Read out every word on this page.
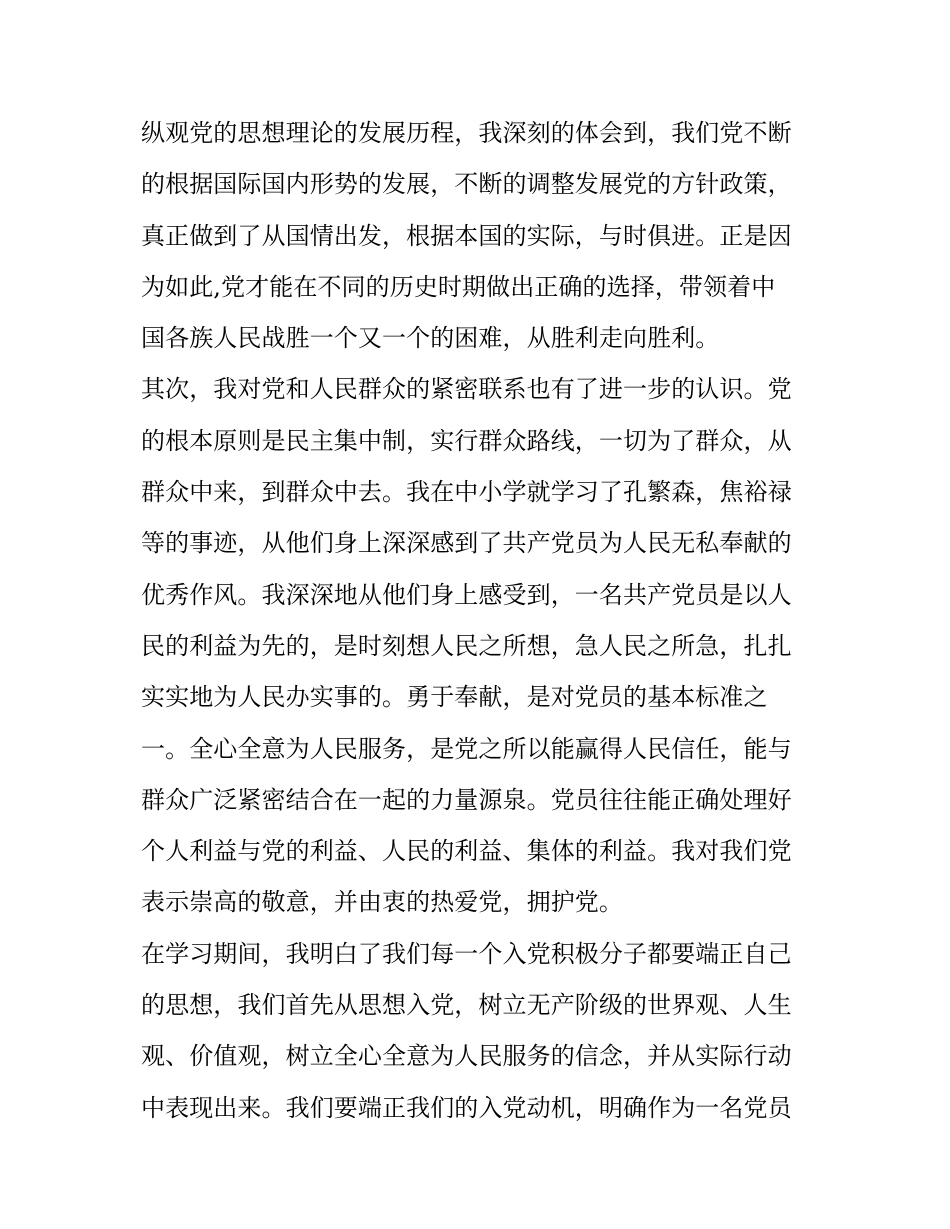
纵观党的思想理论的发展历程，我深刻的体会到，我们党不断
的根据国际国内形势的发展，不断的调整发展党的方针政策，
真正做到了从国情出发，根据本国的实际，与时俱进。正是因
为如此,党才能在不同的历史时期做出正确的选择，带领着中
国各族人民战胜一个又一个的困难，从胜利走向胜利。
其次，我对党和人民群众的紧密联系也有了进一步的认识。党
的根本原则是民主集中制，实行群众路线，一切为了群众，从
群众中来，到群众中去。我在中小学就学习了孔繁森，焦裕禄
等的事迹，从他们身上深深感到了共产党员为人民无私奉献的
优秀作风。我深深地从他们身上感受到，一名共产党员是以人
民的利益为先的，是时刻想人民之所想，急人民之所急，扎扎
实实地为人民办实事的。勇于奉献，是对党员的基本标准之
一。全心全意为人民服务，是党之所以能赢得人民信任，能与
群众广泛紧密结合在一起的力量源泉。党员往往能正确处理好
个人利益与党的利益、人民的利益、集体的利益。我对我们党
表示崇高的敬意，并由衷的热爱党，拥护党。
在学习期间，我明白了我们每一个入党积极分子都要端正自己
的思想，我们首先从思想入党，树立无产阶级的世界观、人生
观、价值观，树立全心全意为人民服务的信念，并从实际行动
中表现出来。我们要端正我们的入党动机，明确作为一名党员
